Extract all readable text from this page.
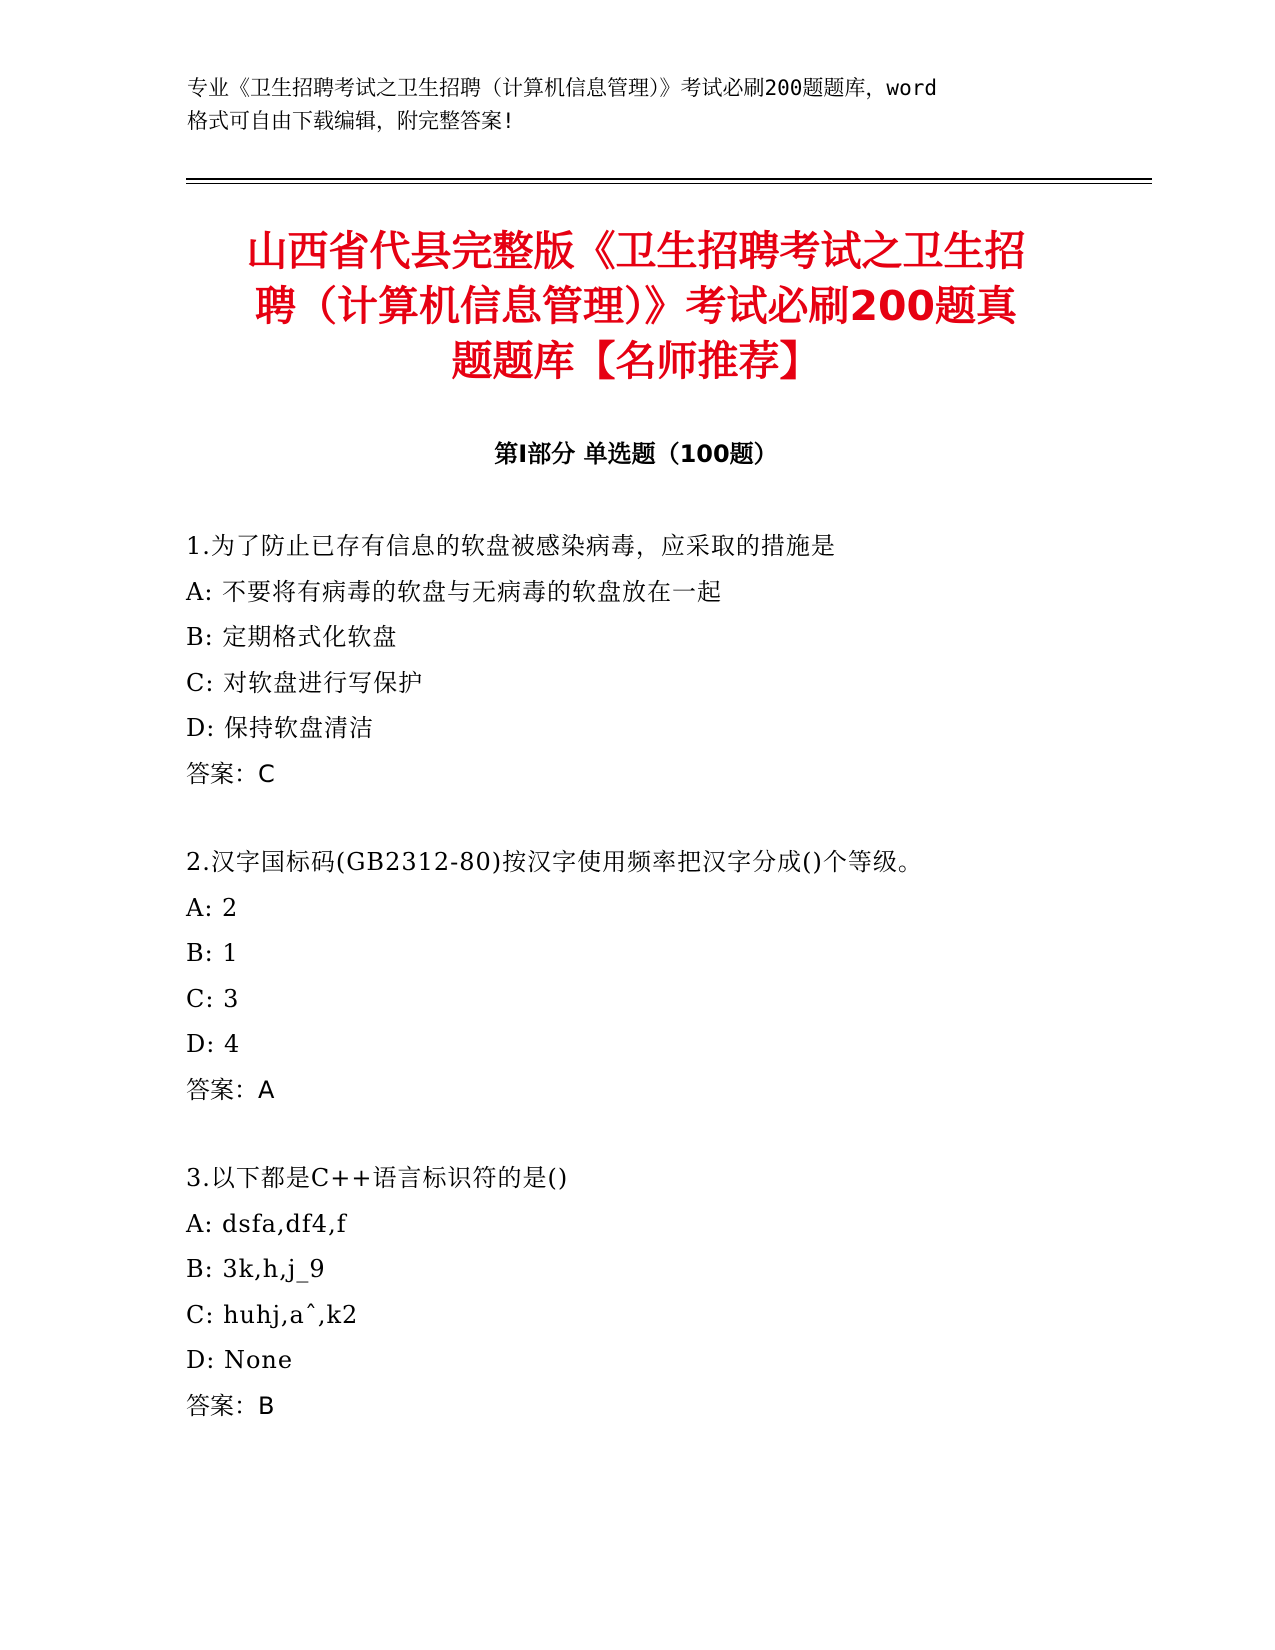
专业《卫生招聘考试之卫生招聘（计算机信息管理）》考试必刷200题题库，word
格式可自由下载编辑，附完整答案!
山西省代县完整版《卫生招聘考试之卫生招
聘（计算机信息管理）》考试必刷200题真
题题库【名师推荐】
第Ⅰ部分 单选题（100题）
1.为了防止已存有信息的软盘被感染病毒，应采取的措施是
A: 不要将有病毒的软盘与无病毒的软盘放在一起
B: 定期格式化软盘
C: 对软盘进行写保护
D: 保持软盘清洁
答案：C
2.汉字国标码(GB2312-80)按汉字使用频率把汉字分成()个等级。
A: 2
B: 1
C: 3
D: 4
答案：A
3.以下都是C++语言标识符的是()
A: dsfa,df4,f
B: 3k,h,j_9
C: huhj,aˆ,k2
D: None
答案：B
